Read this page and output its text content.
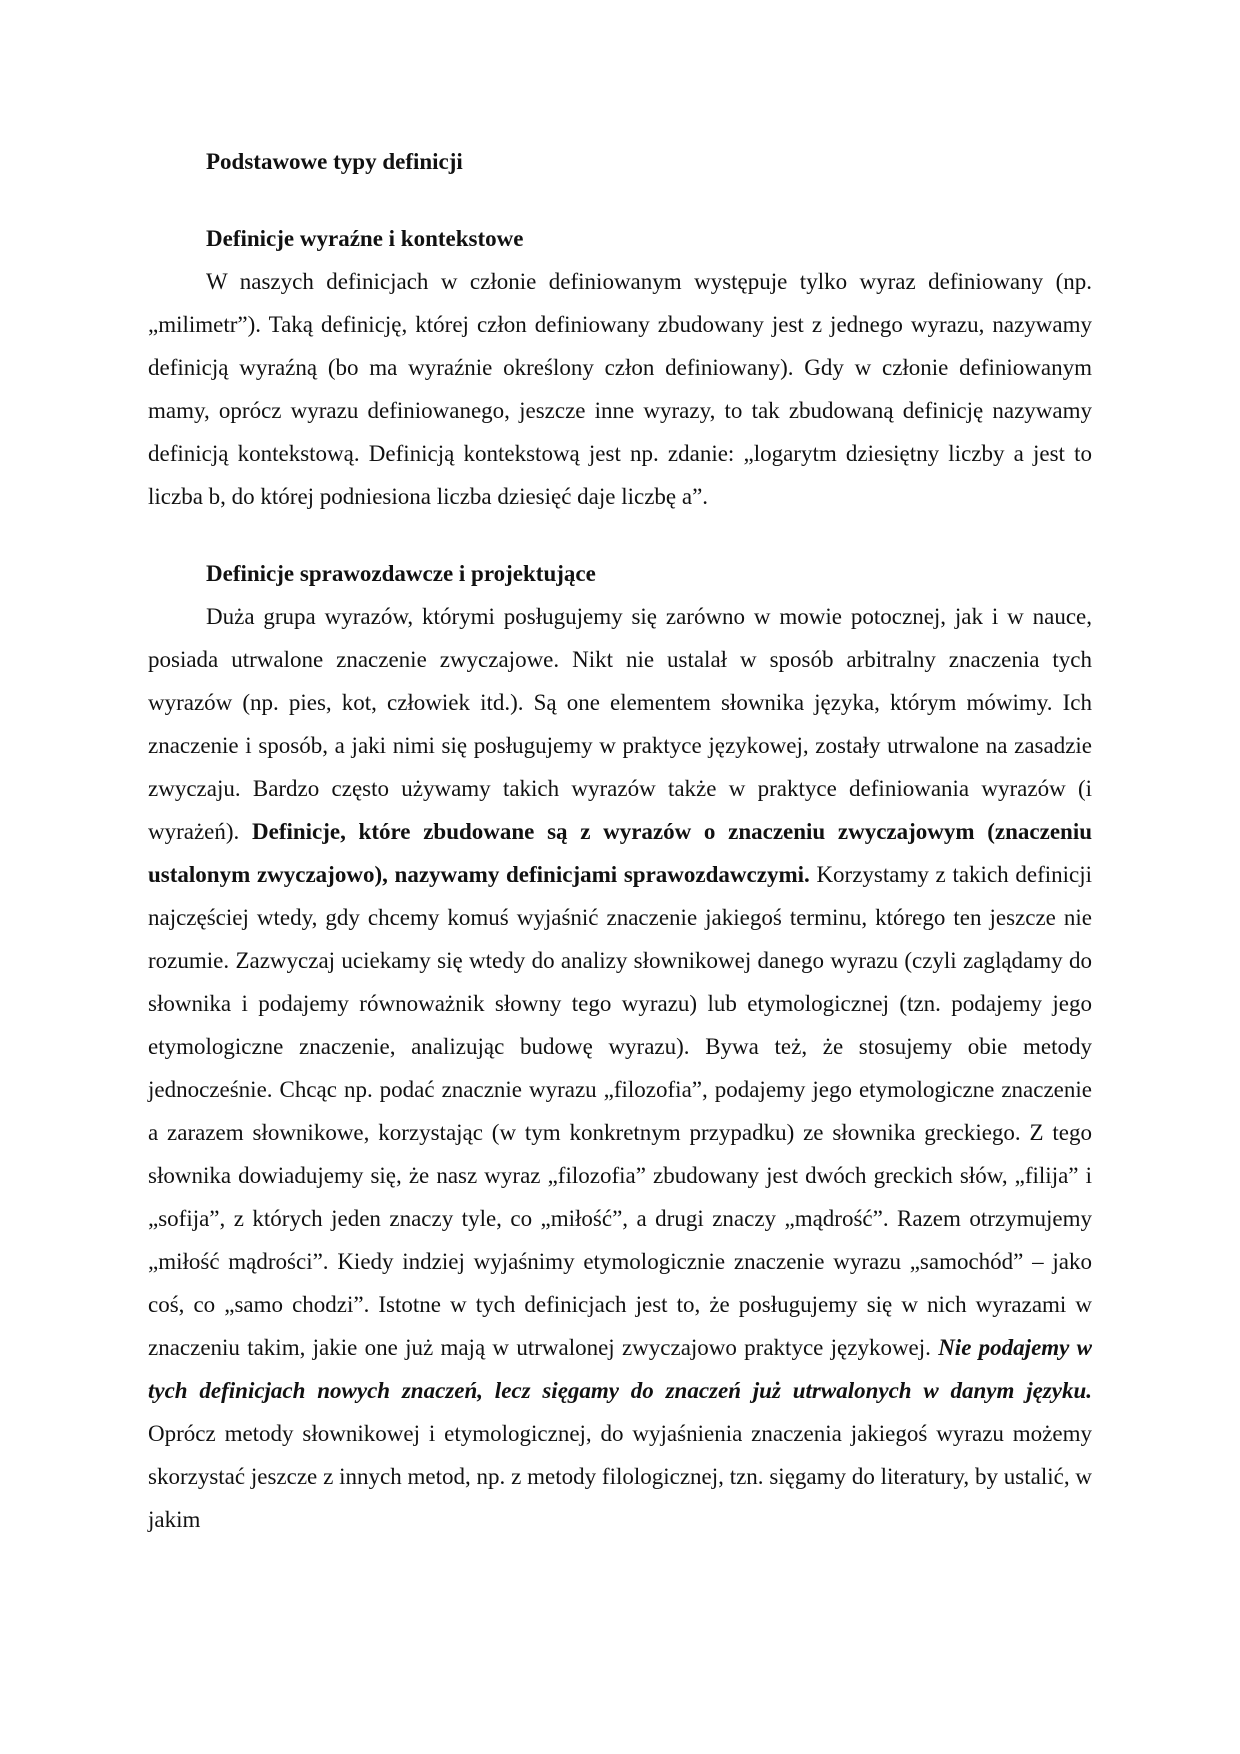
Podstawowe typy definicji
Definicje wyraźne i kontekstowe

W naszych definicjach w członie definiowanym występuje tylko wyraz definiowany (np. „milimetr”). Taką definicję, której człon definiowany zbudowany jest z jednego wyrazu, nazywamy definicją wyraźną (bo ma wyraźnie określony człon definiowany). Gdy w członie definiowanym mamy, oprócz wyrazu definiowanego, jeszcze inne wyrazy, to tak zbudowaną definicję nazywamy definicją kontekstową. Definicją kontekstową jest np. zdanie: „logarytm dziesiętny liczby a jest to liczba b, do której podniesiona liczba dziesięć daje liczbę a”.

Definicje sprawozdawcze i projektujące

Duża grupa wyrazów, którymi posługujemy się zarówno w mowie potocznej, jak i w nauce, posiada utrwalone znaczenie zwyczajowe. Nikt nie ustalał w sposób arbitralny znaczenia tych wyrazów (np. pies, kot, człowiek itd.). Są one elementem słownika języka, którym mówimy. Ich znaczenie i sposób, a jaki nimi się posługujemy w praktyce językowej, zostały utrwalone na zasadzie zwyczaju. Bardzo często używamy takich wyrazów także w praktyce definiowania wyrazów (i wyrażeń). Definicje, które zbudowane są z wyrazów o znaczeniu zwyczajowym (znaczeniu ustalonym zwyczajowo), nazywamy definicjami sprawozdawczymi. Korzystamy z takich definicji najczęściej wtedy, gdy chcemy komuś wyjaśnić znaczenie jakiegoś terminu, którego ten jeszcze nie rozumie. Zazwyczaj uciekamy się wtedy do analizy słownikowej danego wyrazu (czyli zaglądamy do słownika i podajemy równoważnik słowny tego wyrazu) lub etymologicznej (tzn. podajemy jego etymologiczne znaczenie, analizując budowę wyrazu). Bywa też, że stosujemy obie metody jednocześnie. Chcąc np. podać znacznie wyrazu „filozofia”, podajemy jego etymologiczne znaczenie a zarazem słownikowe, korzystając (w tym konkretnym przypadku) ze słownika greckiego. Z tego słownika dowiadujemy się, że nasz wyraz „filozofia” zbudowany jest dwóch greckich słów, „filija” i „sofija”, z których jeden znaczy tyle, co „miłość”, a drugi znaczy „mądrość”. Razem otrzymujemy „miłość mądrości”. Kiedy indziej wyjaśnimy etymologicznie znaczenie wyrazu „samochód” – jako coś, co „samo chodzi”. Istotne w tych definicjach jest to, że posługujemy się w nich wyrazami w znaczeniu takim, jakie one już mają w utrwalonej zwyczajowo praktyce językowej. Nie podajemy w tych definicjach nowych znaczeń, lecz sięgamy do znaczeń już utrwalonych w danym języku. Oprócz metody słownikowej i etymologicznej, do wyjaśnienia znaczenia jakiegoś wyrazu możemy skorzystać jeszcze z innych metod, np. z metody filologicznej, tzn. sięgamy do literatury, by ustalić, w jakim
